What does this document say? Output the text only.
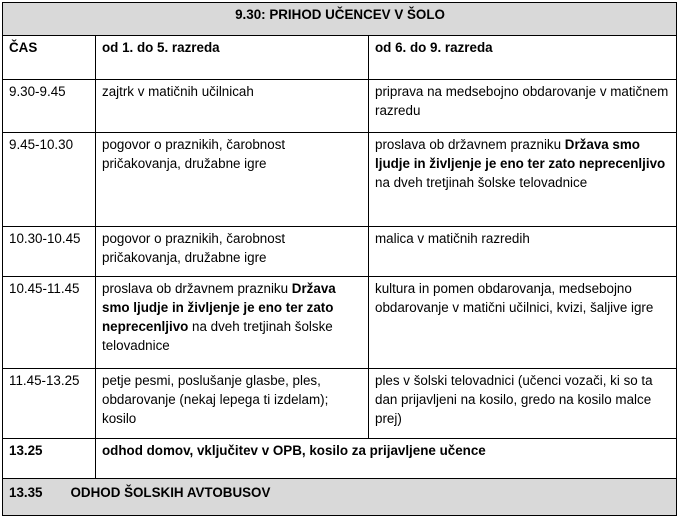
9.30: PRIHOD UČENCEV V ŠOLO		
ČAS	od 1. do 5. razreda	od 6. do 9. razreda
9.30-9.45	zajtrk v matičnih učilnicah	priprava na medsebojno obdarovanje v matičnem razredu
9.45-10.30	pogovor o praznikih, čarobnost pričakovanja, družabne igre	proslava ob državnem prazniku Država smo ljudje in življenje je eno ter zato neprecenljivo na dveh tretjinah šolske telovadnice
10.30-10.45	pogovor o praznikih, čarobnost pričakovanja, družabne igre	malica v matičnih razredih
10.45-11.45	proslava ob državnem prazniku Država smo ljudje in življenje je eno ter zato neprecenljivo na dveh tretjinah šolske telovadnice	kultura in pomen obdarovanja, medsebojno obdarovanje v matični učilnici, kvizi, šaljive igre
11.45-13.25	petje pesmi, poslušanje glasbe, ples, obdarovanje (nekaj lepega ti izdelam); kosilo	ples v šolski telovadnici (učenci vozači, ki so ta dan prijavljeni na kosilo, gredo na kosilo malce prej)
13.25	odhod domov, vključitev v OPB, kosilo za prijavljene učence	
13.35 ODHOD ŠOLSKIH AVTOBUSOV		
